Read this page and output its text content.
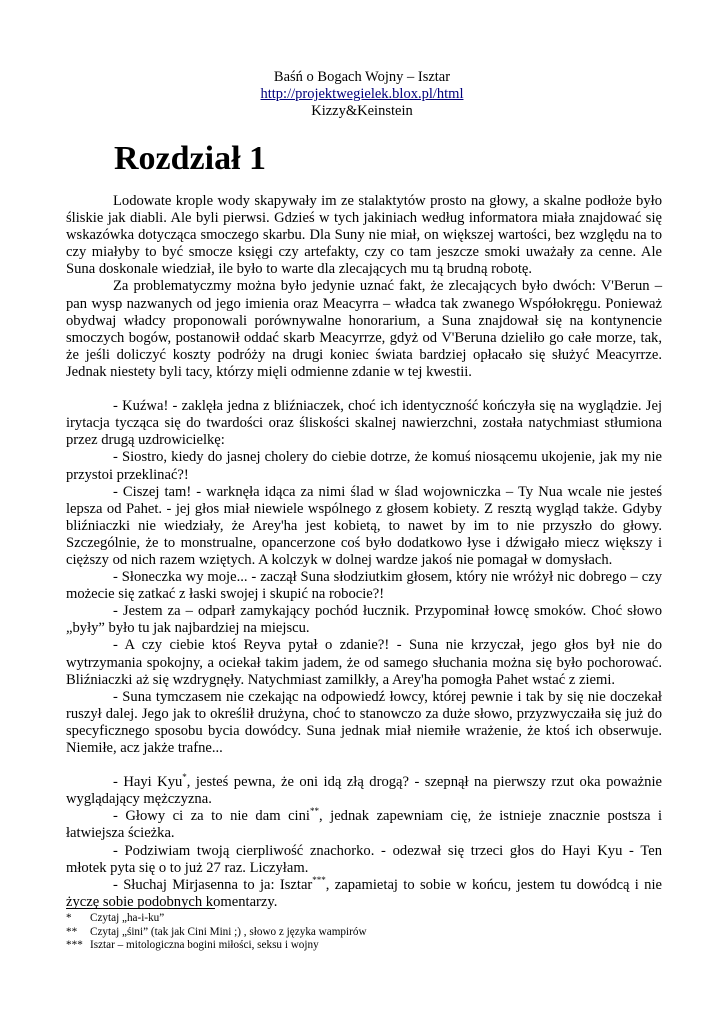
Baśń o Bogach Wojny – Isztar
http://projektwegielek.blox.pl/html
Kizzy&Keinstein
Rozdział 1

Lodowate krople wody skapywały im ze stalaktytów prosto na głowy, a skalne podłoże było śliskie jak diabli. Ale byli pierwsi. Gdzieś w tych jakiniach według informatora miała znajdować się wskazówka dotycząca smoczego skarbu. Dla Suny nie miał, on większej wartości, bez względu na to czy miałyby to być smocze księgi czy artefakty, czy co tam jeszcze smoki uważały za cenne. Ale Suna doskonale wiedział, ile było to warte dla zlecających mu tą brudną robotę.

Za problematyczmy można było jedynie uznać fakt, że zlecających było dwóch: V'Berun – pan wysp nazwanych od jego imienia oraz Meacyrra – władca tak zwanego Współokręgu. Ponieważ obydwaj władcy proponowali porównywalne honorarium, a Suna znajdował się na kontynencie smoczych bogów, postanowił oddać skarb Meacyrrze, gdyż od V'Beruna dzieliło go całe morze, tak, że jeśli doliczyć koszty podróży na drugi koniec świata bardziej opłacało się służyć Meacyrrze. Jednak niestety byli tacy, którzy mięli odmienne zdanie w tej kwestii.

- Kuźwa! - zaklęła jedna z bliźniaczek, choć ich identyczność kończyła się na wyglądzie. Jej irytacja tycząca się do twardości oraz śliskości skalnej nawierzchni, została natychmiast stłumiona przez drugą uzdrowicielkę:

- Siostro, kiedy do jasnej cholery do ciebie dotrze, że komuś niosącemu ukojenie, jak my nie przystoi przeklinać?!

- Ciszej tam! - warknęła idąca za nimi ślad w ślad wojowniczka – Ty Nua wcale nie jesteś lepsza od Pahet. - jej głos miał niewiele wspólnego z głosem kobiety. Z resztą wygląd także. Gdyby bliźniaczki nie wiedziały, że Arey'ha jest kobietą, to nawet by im to nie przyszło do głowy. Szczególnie, że to monstrualne, opancerzone coś było dodatkowo łyse i dźwigało miecz większy i cięższy od nich razem wziętych. A kolczyk w dolnej wardze jakoś nie pomagał w domysłach.

- Słoneczka wy moje... - zaczął Suna słodziutkim głosem, który nie wróżył nic dobrego – czy możecie się zatkać z łaski swojej i skupić na robocie?!

- Jestem za – odparł zamykający pochód łucznik. Przypominał łowcę smoków. Choć słowo „były” było tu jak najbardziej na miejscu.

- A czy ciebie ktoś Reyva pytał o zdanie?! - Suna nie krzyczał, jego głos był nie do wytrzymania spokojny, a ociekał takim jadem, że od samego słuchania można się było pochorować. Bliźniaczki aż się wzdrygnęły. Natychmiast zamilkły, a Arey'ha pomogła Pahet wstać z ziemi.

- Suna tymczasem nie czekając na odpowiedź łowcy, której pewnie i tak by się nie doczekał ruszył dalej. Jego jak to określił drużyna, choć to stanowczo za duże słowo, przyzwyczaiła się już do specyficznego sposobu bycia dowódcy. Suna jednak miał niemiłe wrażenie, że ktoś ich obserwuje. Niemiłe, acz jakże trafne...

- Hayi Kyu*, jesteś pewna, że oni idą złą drogą? - szepnął na pierwszy rzut oka poważnie wyglądający mężczyzna.

- Głowy ci za to nie dam cini**, jednak zapewniam cię, że istnieje znacznie postsza i łatwiejsza ścieżka.

- Podziwiam twoją cierpliwość znachorko. - odezwał się trzeci głos do Hayi Kyu - Ten młotek pyta się o to już 27 raz. Liczyłam.

- Słuchaj Mirjasenna to ja: Isztar***, zapamietaj to sobie w końcu, jestem tu dowódcą i nie życzę sobie podobnych komentarzy.

* Czytaj „ha-i-ku”
** Czytaj „śini” (tak jak Cini Mini ;) , słowo z języka wampirów
*** Isztar – mitologiczna bogini miłości, seksu i wojny
